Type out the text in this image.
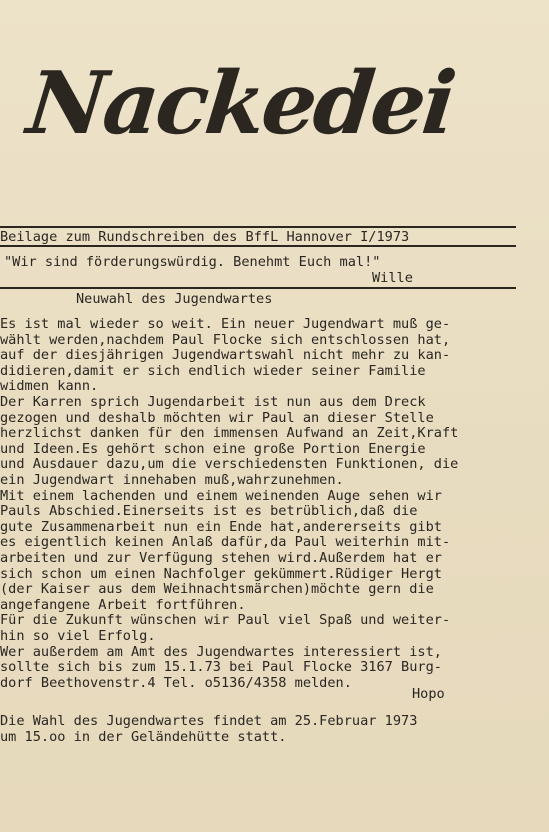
Nackedei
Beilage zum Rundschreiben des BffL Hannover I/1973
"Wir sind förderungswürdig. Benehmt Euch mal!"
Wille
Neuwahl des Jugendwartes
Es ist mal wieder so weit. Ein neuer Jugendwart muß ge-
wählt werden,nachdem Paul Flocke sich entschlossen hat,
auf der diesjährigen Jugendwartswahl nicht mehr zu kan-
didieren,damit er sich endlich wieder seiner Familie
widmen kann.
Der Karren sprich Jugendarbeit ist nun aus dem Dreck
gezogen und deshalb möchten wir Paul an dieser Stelle
herzlichst danken für den immensen Aufwand an Zeit,Kraft
und Ideen.Es gehört schon eine große Portion Energie
und Ausdauer dazu,um die verschiedensten Funktionen, die
ein Jugendwart innehaben muß,wahrzunehmen.
Mit einem lachenden und einem weinenden Auge sehen wir
Pauls Abschied.Einerseits ist es betrüblich,daß die
gute Zusammenarbeit nun ein Ende hat,andererseits gibt
es eigentlich keinen Anlaß dafür,da Paul weiterhin mit-
arbeiten und zur Verfügung stehen wird.Außerdem hat er
sich schon um einen Nachfolger gekümmert.Rüdiger Hergt
(der Kaiser aus dem Weihnachtsmärchen)möchte gern die
angefangene Arbeit fortführen.
Für die Zukunft wünschen wir Paul viel Spaß und weiter-
hin so viel Erfolg.
Wer außerdem am Amt des Jugendwartes interessiert ist,
sollte sich bis zum 15.1.73 bei Paul Flocke 3167 Burg-
dorf Beethovenstr.4 Tel. o5136/4358 melden.
Hopo
Die Wahl des Jugendwartes findet am 25.Februar 1973
um 15.oo in der Geländehütte statt.
